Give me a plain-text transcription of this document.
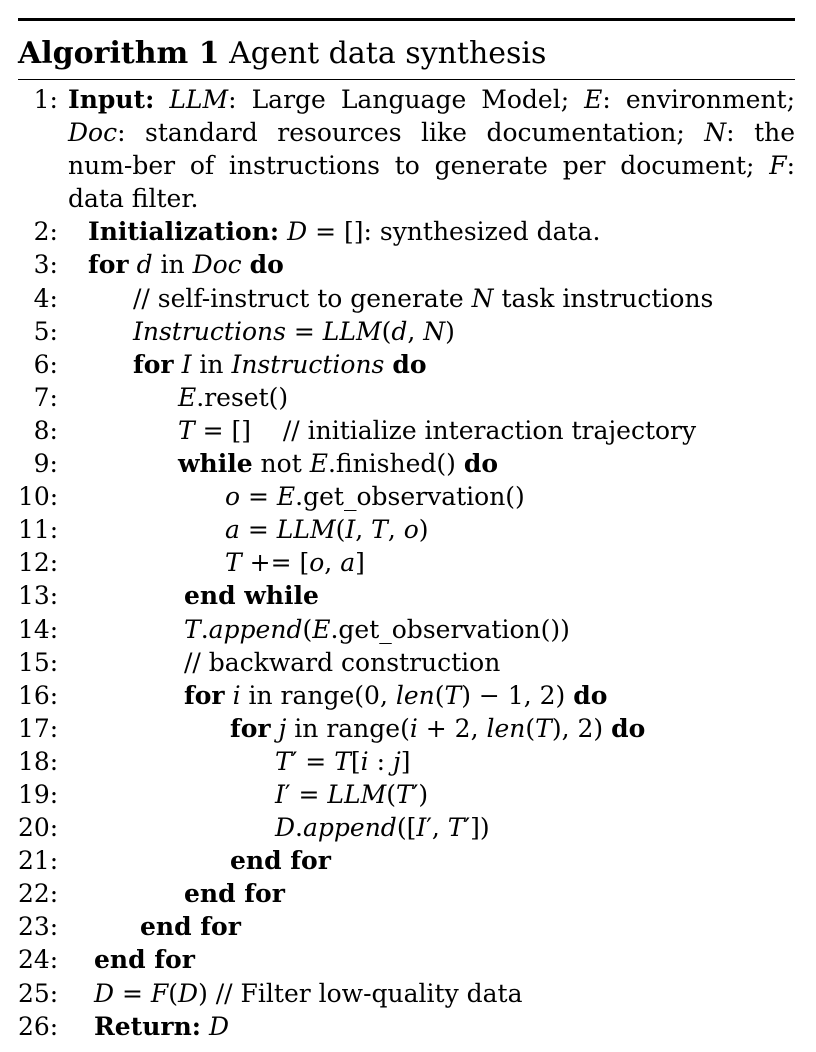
Algorithm 1 Agent data synthesis
1: Input: LLM: Large Language Model; E: environment; Doc: standard resources like documentation; N: the num-ber of instructions to generate per document; F: data filter.
2: Initialization: D = []: synthesized data.
3: for d in Doc do
4:	// self-instruct to generate N task instructions
5:	Instructions = LLM(d, N)
6:	for I in Instructions do
7:	E.reset()
8:	T = []    // initialize interaction trajectory
9:	while not E.finished() do
10:	o = E.get_observation()
11:	a = LLM(I, T, o)
12:	T += [o, a]
13:	end while
14:	T.append(E.get_observation())
15:	// backward construction
16:	for i in range(0, len(T) − 1, 2) do
17:	for j in range(i + 2, len(T), 2) do
18:	T′ = T[i : j]
19:	I′ = LLM(T′)
20:	D.append([I′, T′])
21:	end for
22:	end for
23:	end for
24: end for
25: D = F(D) // Filter low-quality data
26: Return: D
